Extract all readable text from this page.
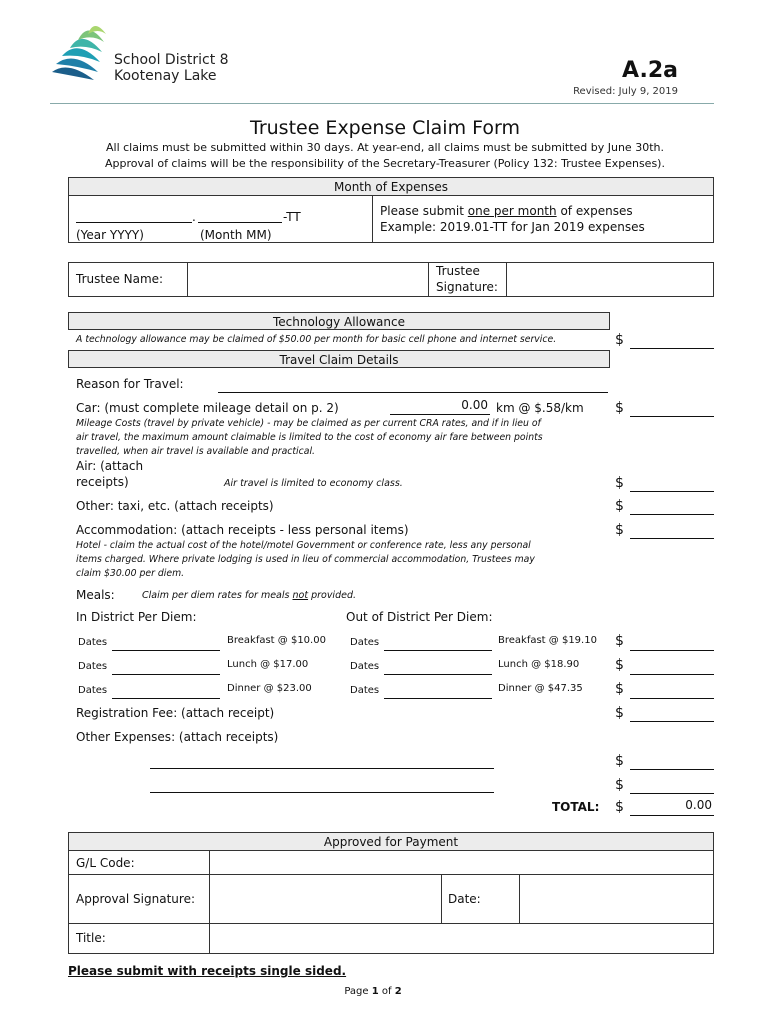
School District 8
Kootenay Lake	A.2a
Revised: July 9, 2019
Trustee Expense Claim Form
All claims must be submitted within 30 days. At year-end, all claims must be submitted by June 30th.
Approval of claims will be the responsibility of the Secretary-Treasurer (Policy 132: Trustee Expenses).
Month of Expenses
.	-TT
(Year YYYY)	(Month MM)
Please submit one per month of expenses
Example: 2019.01-TT for Jan 2019 expenses
Trustee Name:
Trustee
Signature:
Technology Allowance
A technology allowance may be claimed of $50.00 per month for basic cell phone and internet service.	$
Travel Claim Details
Reason for Travel:
Car: (must complete mileage detail on p. 2)	0.00 km @ $.58/km $
Mileage Costs (travel by private vehicle) - may be claimed as per current CRA rates, and if in lieu of
air travel, the maximum amount claimable is limited to the cost of economy air fare between points
travelled, when air travel is available and practical.
Air: (attach
receipts)	Air travel is limited to economy class.	$
Other: taxi, etc. (attach receipts)	$
Accommodation: (attach receipts - less personal items)	$
Hotel - claim the actual cost of the hotel/motel Government or conference rate, less any personal
items charged. Where private lodging is used in lieu of commercial accommodation, Trustees may
claim $30.00 per diem.
Meals:	Claim per diem rates for meals not provided.
In District Per Diem:	Out of District Per Diem:
Dates	Breakfast @ $10.00 Dates	Breakfast @ $19.10 $
Dates	Lunch @ $17.00	Dates	Lunch @ $18.90	$
Dates	Dinner @ $23.00	Dates	Dinner @ $47.35 $
Registration Fee: (attach receipt)	$
Other Expenses: (attach receipts)
$
$
TOTAL: $	0.00
Approved for Payment
G/L Code:
Approval Signature:	Date:
Title:
Please submit with receipts single sided.
Page 1 of 2
